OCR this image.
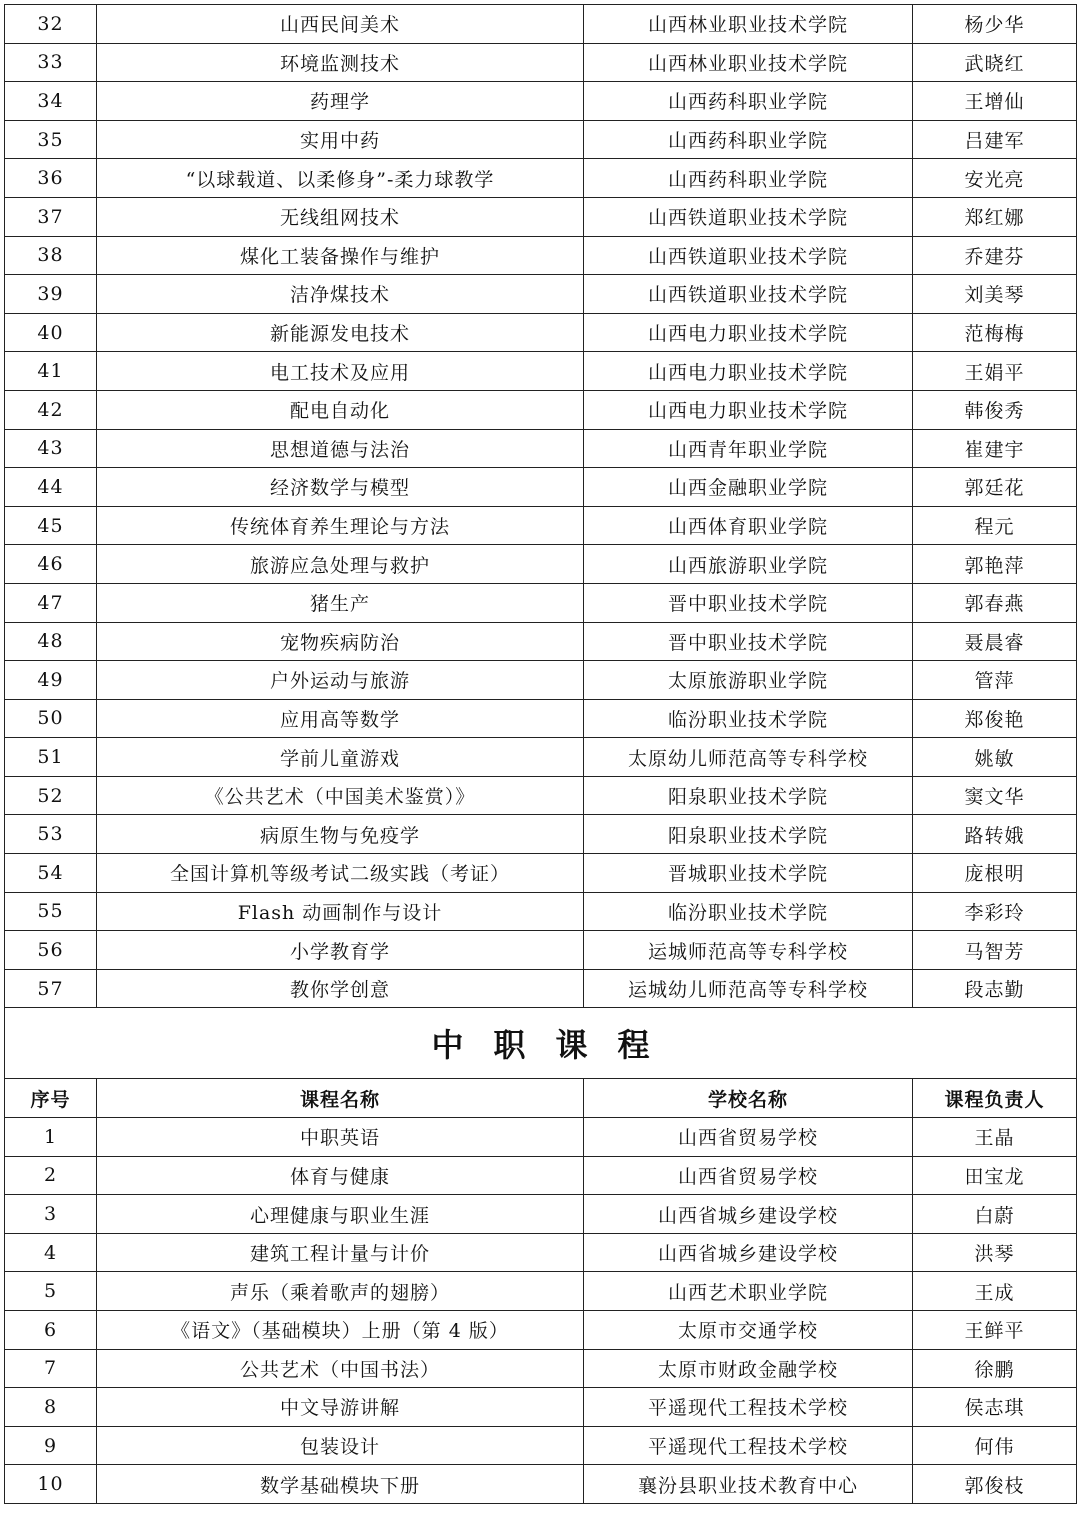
32	山西民间美术	山西林业职业技术学院	杨少华
33	环境监测技术	山西林业职业技术学院	武晓红
34	药理学	山西药科职业学院	王增仙
35	实用中药	山西药科职业学院	吕建军
36	“以球载道、以柔修身”-柔力球教学	山西药科职业学院	安光亮
37	无线组网技术	山西铁道职业技术学院	郑红娜
38	煤化工装备操作与维护	山西铁道职业技术学院	乔建芬
39	洁净煤技术	山西铁道职业技术学院	刘美琴
40	新能源发电技术	山西电力职业技术学院	范梅梅
41	电工技术及应用	山西电力职业技术学院	王娟平
42	配电自动化	山西电力职业技术学院	韩俊秀
43	思想道德与法治	山西青年职业学院	崔建宇
44	经济数学与模型	山西金融职业学院	郭廷花
45	传统体育养生理论与方法	山西体育职业学院	程元
46	旅游应急处理与救护	山西旅游职业学院	郭艳萍
47	猪生产	晋中职业技术学院	郭春燕
48	宠物疾病防治	晋中职业技术学院	聂晨睿
49	户外运动与旅游	太原旅游职业学院	管萍
50	应用高等数学	临汾职业技术学院	郑俊艳
51	学前儿童游戏	太原幼儿师范高等专科学校	姚敏
52	《公共艺术（中国美术鉴赏）》	阳泉职业技术学院	窦文华
53	病原生物与免疫学	阳泉职业技术学院	路转娥
54	全国计算机等级考试二级实践（考证）	晋城职业技术学院	庞根明
55	Flash 动画制作与设计	临汾职业技术学院	李彩玲
56	小学教育学	运城师范高等专科学校	马智芳
57	教你学创意	运城幼儿师范高等专科学校	段志勤
中职课程			
序号	课程名称	学校名称	课程负责人
1	中职英语	山西省贸易学校	王晶
2	体育与健康	山西省贸易学校	田宝龙
3	心理健康与职业生涯	山西省城乡建设学校	白蔚
4	建筑工程计量与计价	山西省城乡建设学校	洪琴
5	声乐（乘着歌声的翅膀）	山西艺术职业学院	王成
6	《语文》（基础模块）上册（第 4 版）	太原市交通学校	王鲜平
7	公共艺术（中国书法）	太原市财政金融学校	徐鹏
8	中文导游讲解	平遥现代工程技术学校	侯志琪
9	包装设计	平遥现代工程技术学校	何伟
10	数学基础模块下册	襄汾县职业技术教育中心	郭俊枝
